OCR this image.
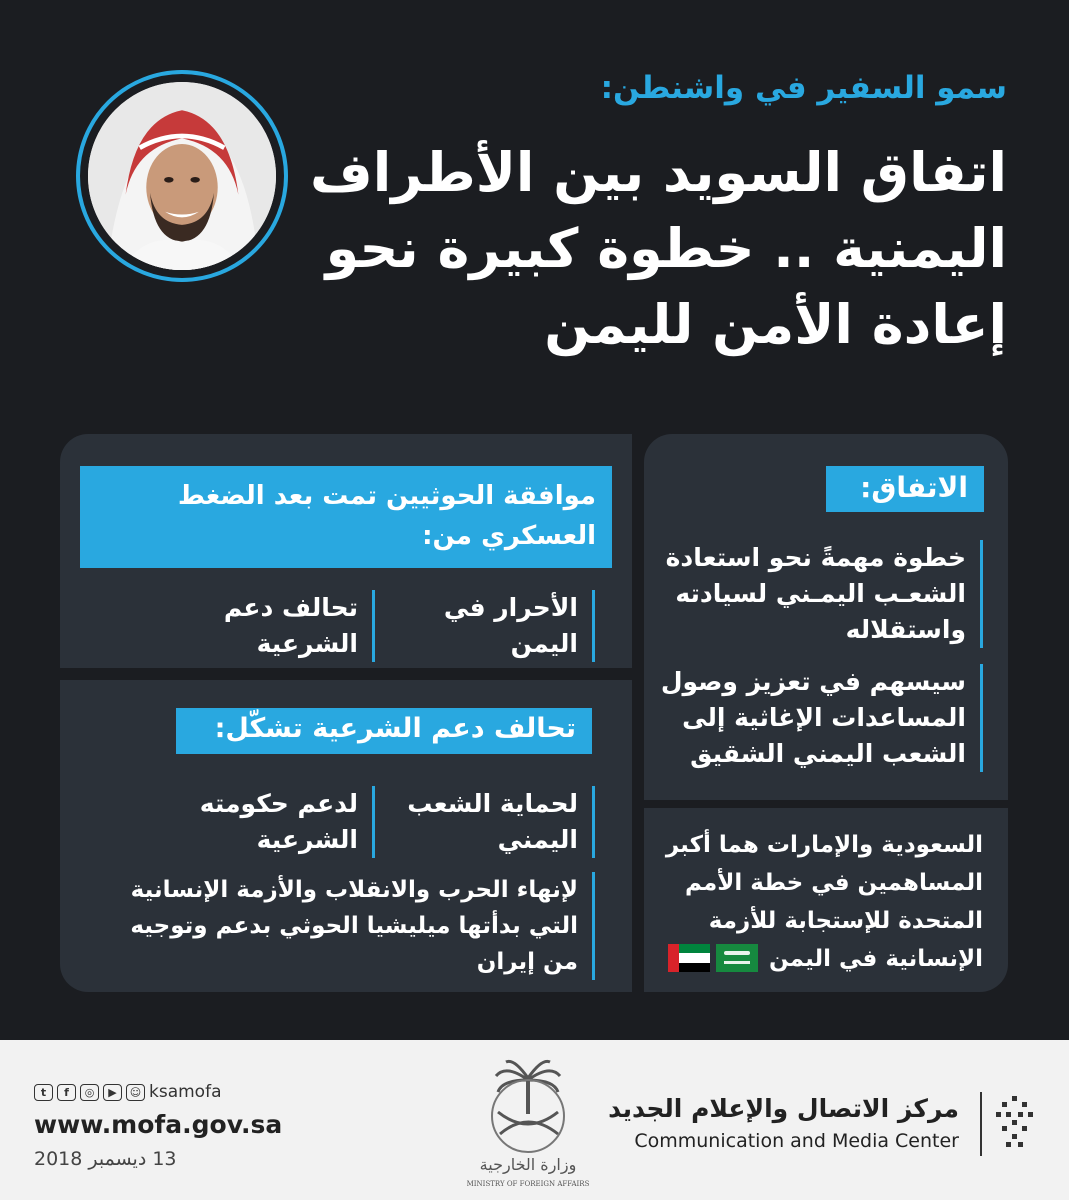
سمو السفير في واشنطن:
اتفاق السويد بين الأطراف
اليمنية .. خطوة كبيرة نحو
إعادة الأمن لليمن
الاتفاق:
خطوة مهمةً نحو استعادة
الشعـب اليمـني لسيادته
واستقلاله
سيسهم في تعزيز وصول
المساعدات الإغاثية إلى
الشعب اليمني الشقيق
السعودية والإمارات هما أكبر
المساهمين في خطة الأمم
المتحدة للإستجابة للأزمة
الإنسانية في اليمن
موافقة الحوثيين تمت بعد الضغط
العسكري من:
الأحرار في
اليمن
تحالف دعم
الشرعية
تحالف دعم الشرعية تشكّل:
لحماية الشعب
اليمني
لدعم حكومته
الشرعية
لإنهاء الحرب والانقلاب والأزمة الإنسانية
التي بدأتها ميليشيا الحوثي بدعم وتوجيه
من إيران
t	f	◎	▶	☺ ksamofa
www.mofa.gov.sa
13 ديسمبر 2018	وزارة الخارجية
MINISTRY OF FOREIGN AFFAIRS
مركز الاتصال والإعلام الجديد
Communication and Media Center
